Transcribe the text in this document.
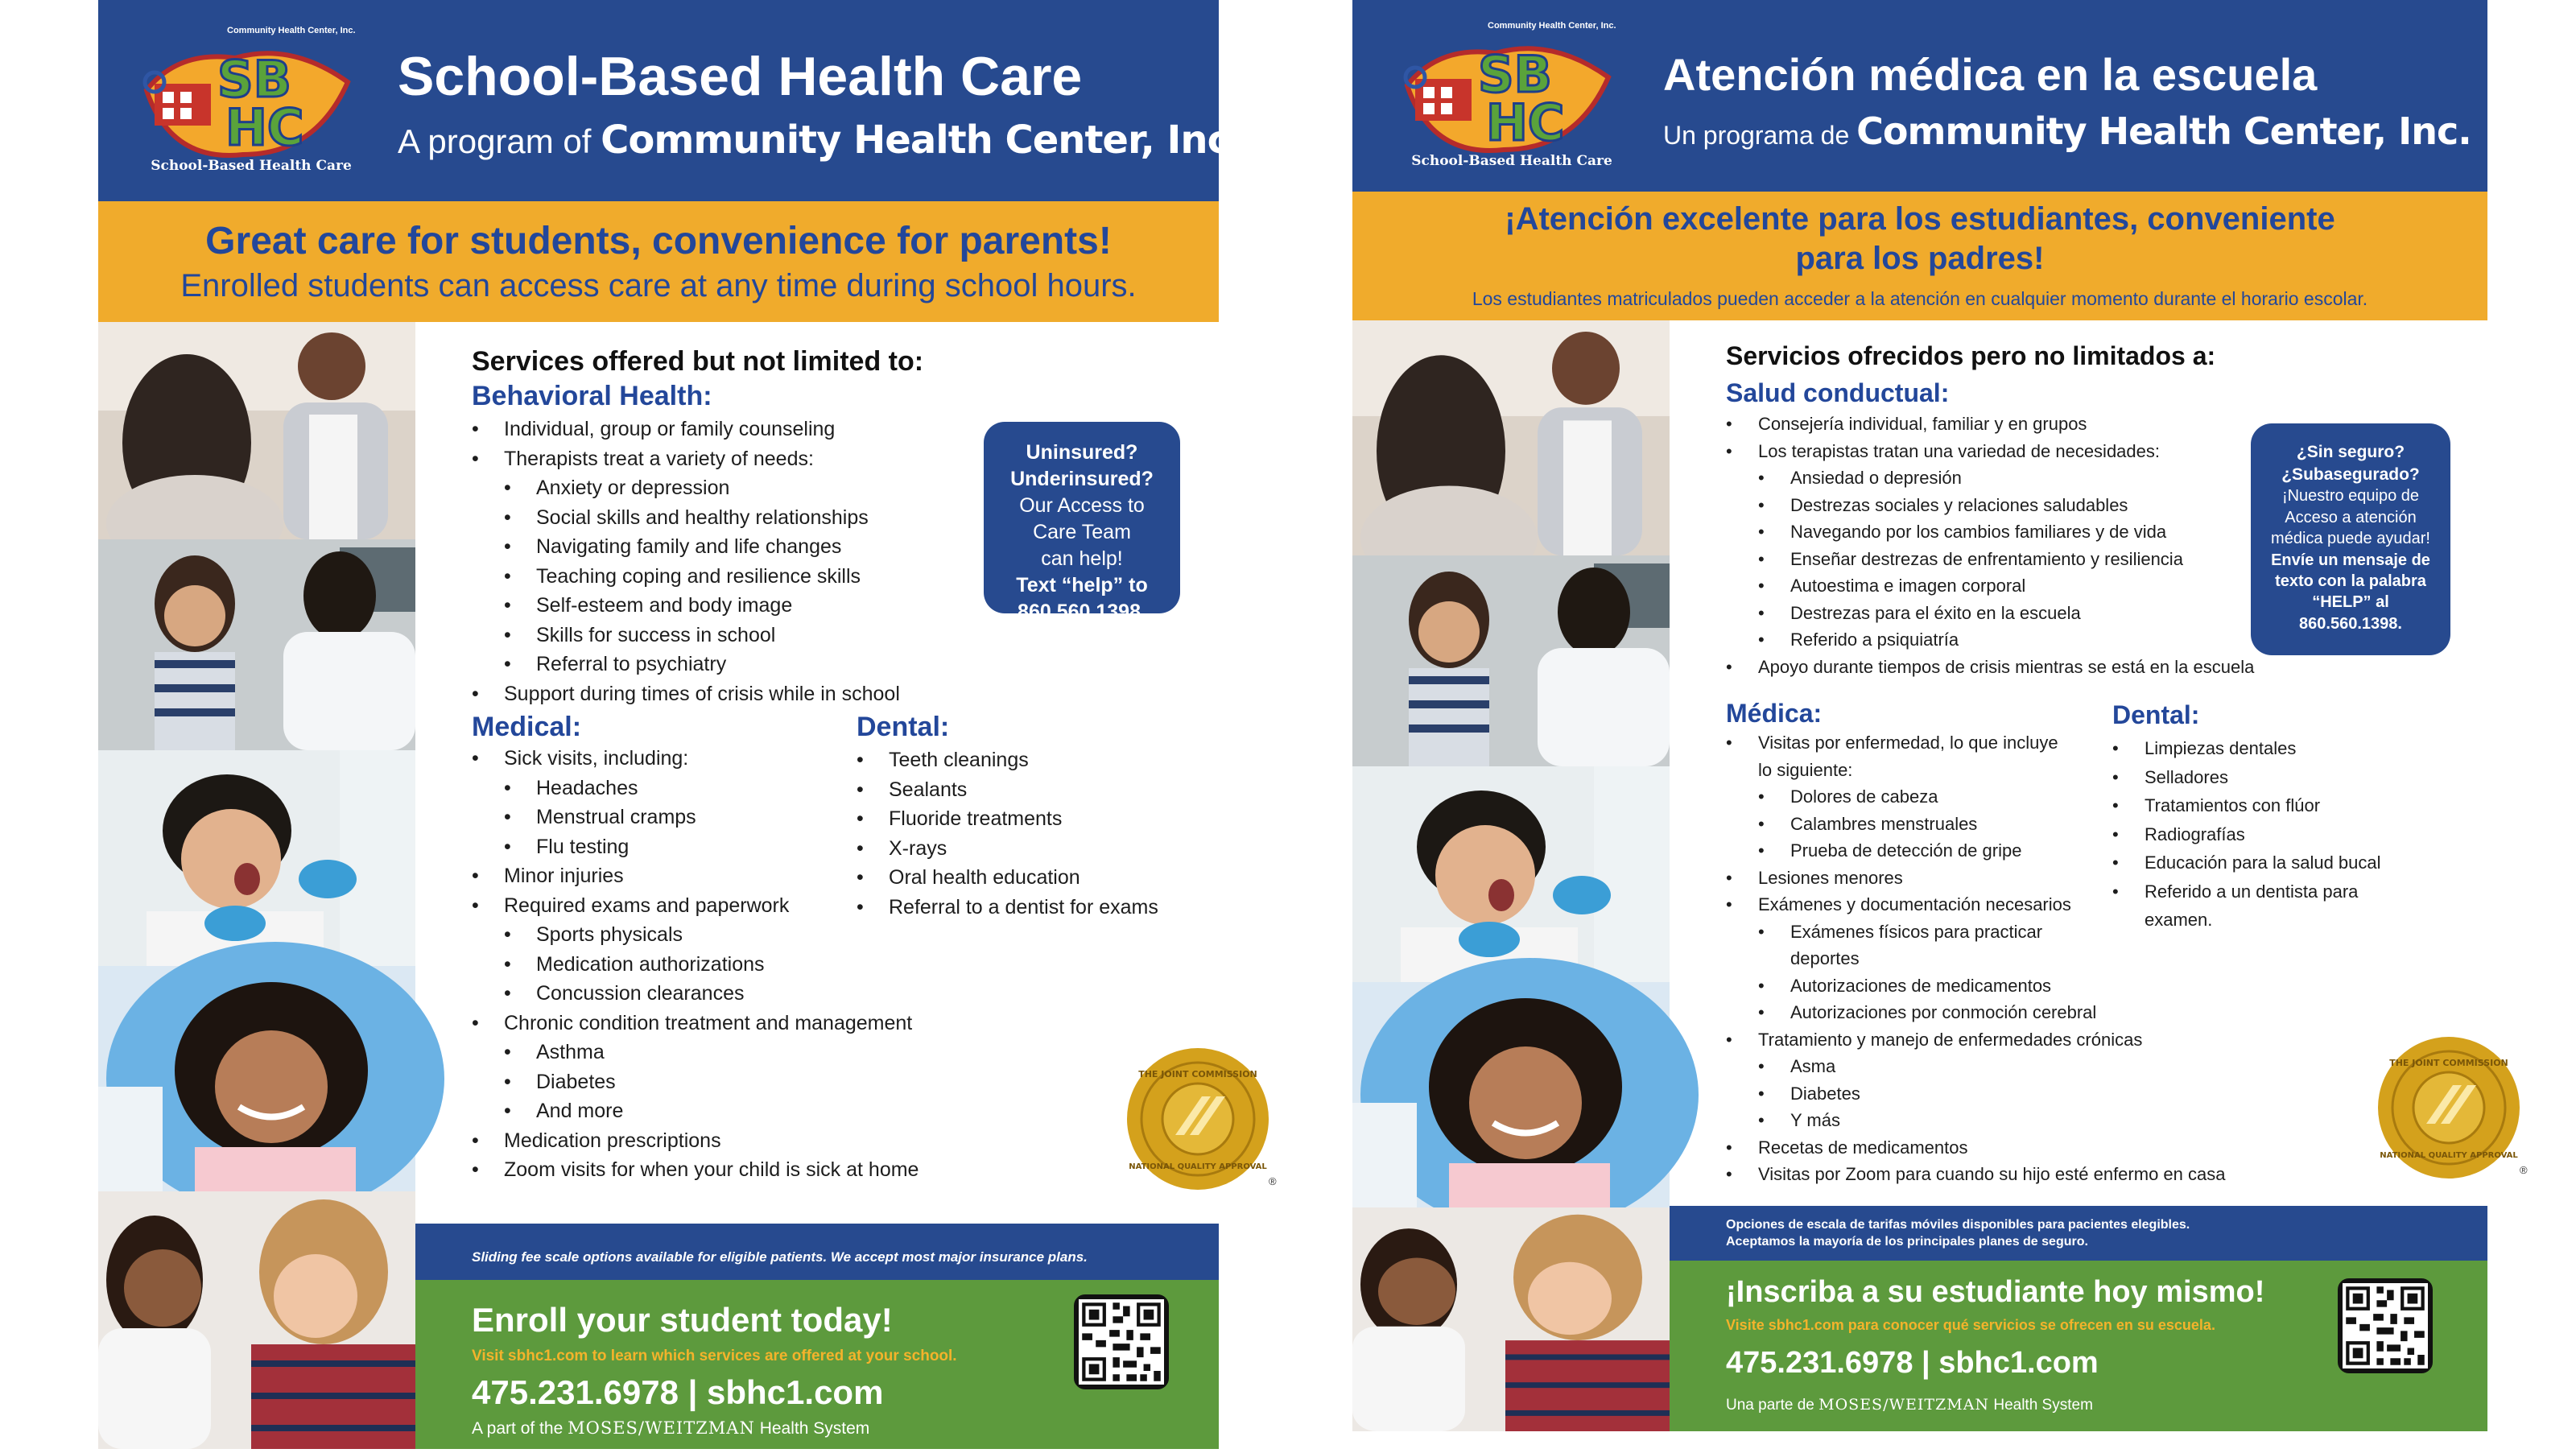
Community Health Center, Inc.
SB
HC
School-Based Health Care
School-Based Health Care
A program of Community Health Center, Inc.
Great care for students, convenience for parents!
Enrolled students can access care at any time during school hours.
Services offered but not limited to:
Behavioral Health:
• Individual, group or family counseling
• Therapists treat a variety of needs:
• Anxiety or depression
• Social skills and healthy relationships
• Navigating family and life changes
• Teaching coping and resilience skills
• Self-esteem and body image
• Skills for success in school
• Referral to psychiatry
• Support during times of crisis while in school
Medical:
• Sick visits, including:
• Headaches
• Menstrual cramps
• Flu testing
• Minor injuries
• Required exams and paperwork
• Sports physicals
• Medication authorizations
• Concussion clearances
• Chronic condition treatment and management
• Asthma
• Diabetes
• And more
• Medication prescriptions
• Zoom visits for when your child is sick at home
Dental:
• Teeth cleanings
• Sealants
• Fluoride treatments
• X-rays
• Oral health education
• Referral to a dentist for exams

Uninsured?

Underinsured?

Our Access to Care Team can help!

Text “help” to 860.560.1398.

THE JOINT COMMISSION
NATIONAL QUALITY APPROVAL
®
Sliding fee scale options available for eligible patients. We accept most major insurance plans.
Enroll your student today!
Visit sbhc1.com to learn which services are offered at your school.
475.231.6978 | sbhc1.com
A part of the MOSES/WEITZMAN Health System
Community Health Center, Inc.
SB
HC
School-Based Health Care
Atención médica en la escuela
Un programa de Community Health Center, Inc.
¡Atención excelente para los estudiantes, conveniente
para los padres!
Los estudiantes matriculados pueden acceder a la atención en cualquier momento durante el horario escolar.
Servicios ofrecidos pero no limitados a:
Salud conductual:
• Consejería individual, familiar y en grupos
• Los terapistas tratan una variedad de necesidades:
• Ansiedad o depresión
• Destrezas sociales y relaciones saludables
• Navegando por los cambios familiares y de vida
• Enseñar destrezas de enfrentamiento y resiliencia
• Autoestima e imagen corporal
• Destrezas para el éxito en la escuela
• Referido a psiquiatría
• Apoyo durante tiempos de crisis mientras se está en la escuela
Médica:
• Visitas por enfermedad, lo que incluye
lo siguiente:
• Dolores de cabeza
• Calambres menstruales
• Prueba de detección de gripe
• Lesiones menores
• Exámenes y documentación necesarios
• Exámenes físicos para practicar
deportes
• Autorizaciones de medicamentos
• Autorizaciones por conmoción cerebral
• Tratamiento y manejo de enfermedades crónicas
• Asma
• Diabetes
• Y más
• Recetas de medicamentos
• Visitas por Zoom para cuando su hijo esté enfermo en casa
Dental:
• Limpiezas dentales
• Selladores
• Tratamientos con flúor
• Radiografías
• Educación para la salud bucal
• Referido a un dentista para
examen.

¿Sin seguro?

¿Subasegurado?

¡Nuestro equipo de Acceso a atención médica puede ayudar!

Envíe un mensaje de texto con la palabra “HELP” al 860.560.1398.

THE JOINT COMMISSION
NATIONAL QUALITY APPROVAL
®
Opciones de escala de tarifas móviles disponibles para pacientes elegibles.
Aceptamos la mayoría de los principales planes de seguro.
¡Inscriba a su estudiante hoy mismo!
Visite sbhc1.com para conocer qué servicios se ofrecen en su escuela.
475.231.6978 | sbhc1.com
Una parte de MOSES/WEITZMAN Health System
